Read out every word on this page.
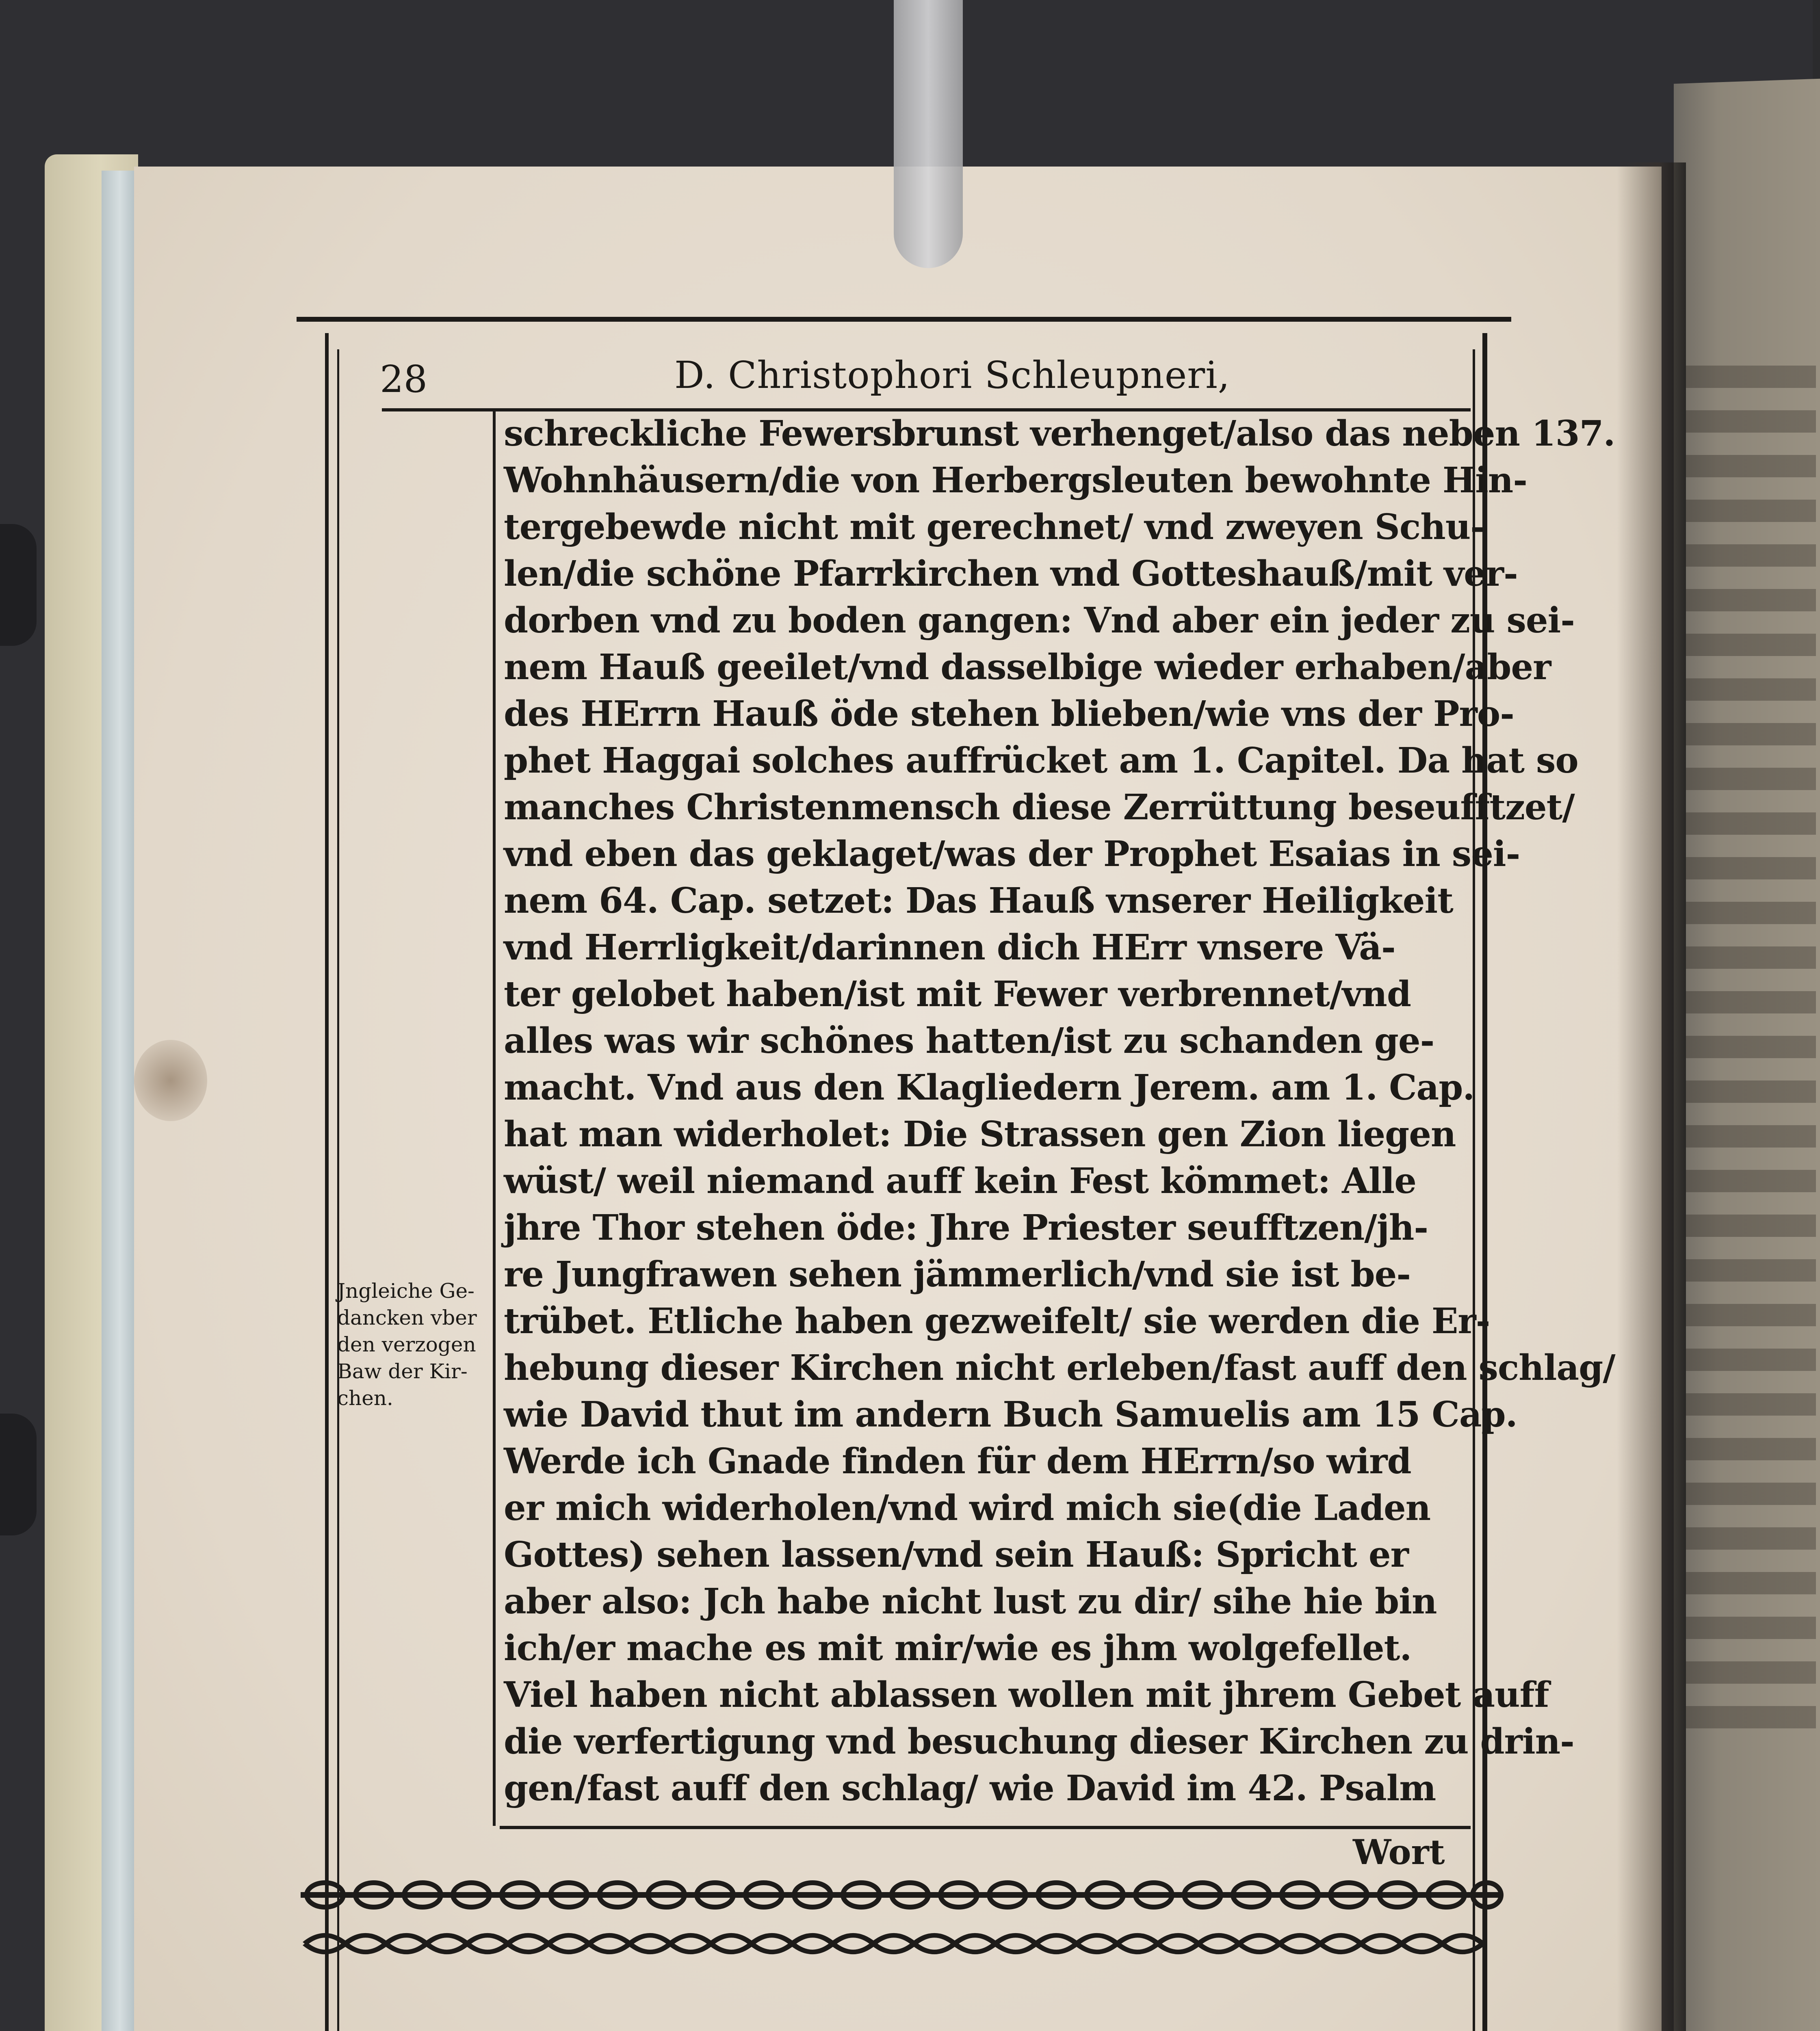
28	D. Christophori Schleupneri,
Jngleiche Ge-
dancken vber
den verzogen
Baw der Kir-
chen.
schreckliche Fewersbrunst verhenget/also das neben 137.
Wohnhäusern/die von Herbergsleuten bewohnte Hin-
tergebewde nicht mit gerechnet/ vnd zweyen Schu-
len/die schöne Pfarrkirchen vnd Gotteshauß/mit ver-
dorben vnd zu boden gangen: Vnd aber ein jeder zu sei-
nem Hauß geeilet/vnd dasselbige wieder erhaben/aber
des HErrn Hauß öde stehen blieben/wie vns der Pro-
phet Haggai solches auffrücket am 1. Capitel. Da hat so
manches Christenmensch diese Zerrüttung beseufftzet/
vnd eben das geklaget/was der Prophet Esaias in sei-
nem 64. Cap. setzet: Das Hauß vnserer Heiligkeit
vnd Herrligkeit/darinnen dich HErr vnsere Vä-
ter gelobet haben/ist mit Fewer verbrennet/vnd
alles was wir schönes hatten/ist zu schanden ge-
macht. Vnd aus den Klagliedern Jerem. am 1. Cap.
hat man widerholet: Die Strassen gen Zion liegen
wüst/ weil niemand auff kein Fest kömmet: Alle
jhre Thor stehen öde: Jhre Priester seufftzen/jh-
re Jungfrawen sehen jämmerlich/vnd sie ist be-
trübet. Etliche haben gezweifelt/ sie werden die Er-
hebung dieser Kirchen nicht erleben/fast auff den schlag/
wie David thut im andern Buch Samuelis am 15 Cap.
Werde ich Gnade finden für dem HErrn/so wird
er mich widerholen/vnd wird mich sie(die Laden
Gottes) sehen lassen/vnd sein Hauß: Spricht er
aber also: Jch habe nicht lust zu dir/ sihe hie bin
ich/er mache es mit mir/wie es jhm wolgefellet.
Viel haben nicht ablassen wollen mit jhrem Gebet auff
die verfertigung vnd besuchung dieser Kirchen zu drin-
gen/fast auff den schlag/ wie David im 42. Psalm
Wort
